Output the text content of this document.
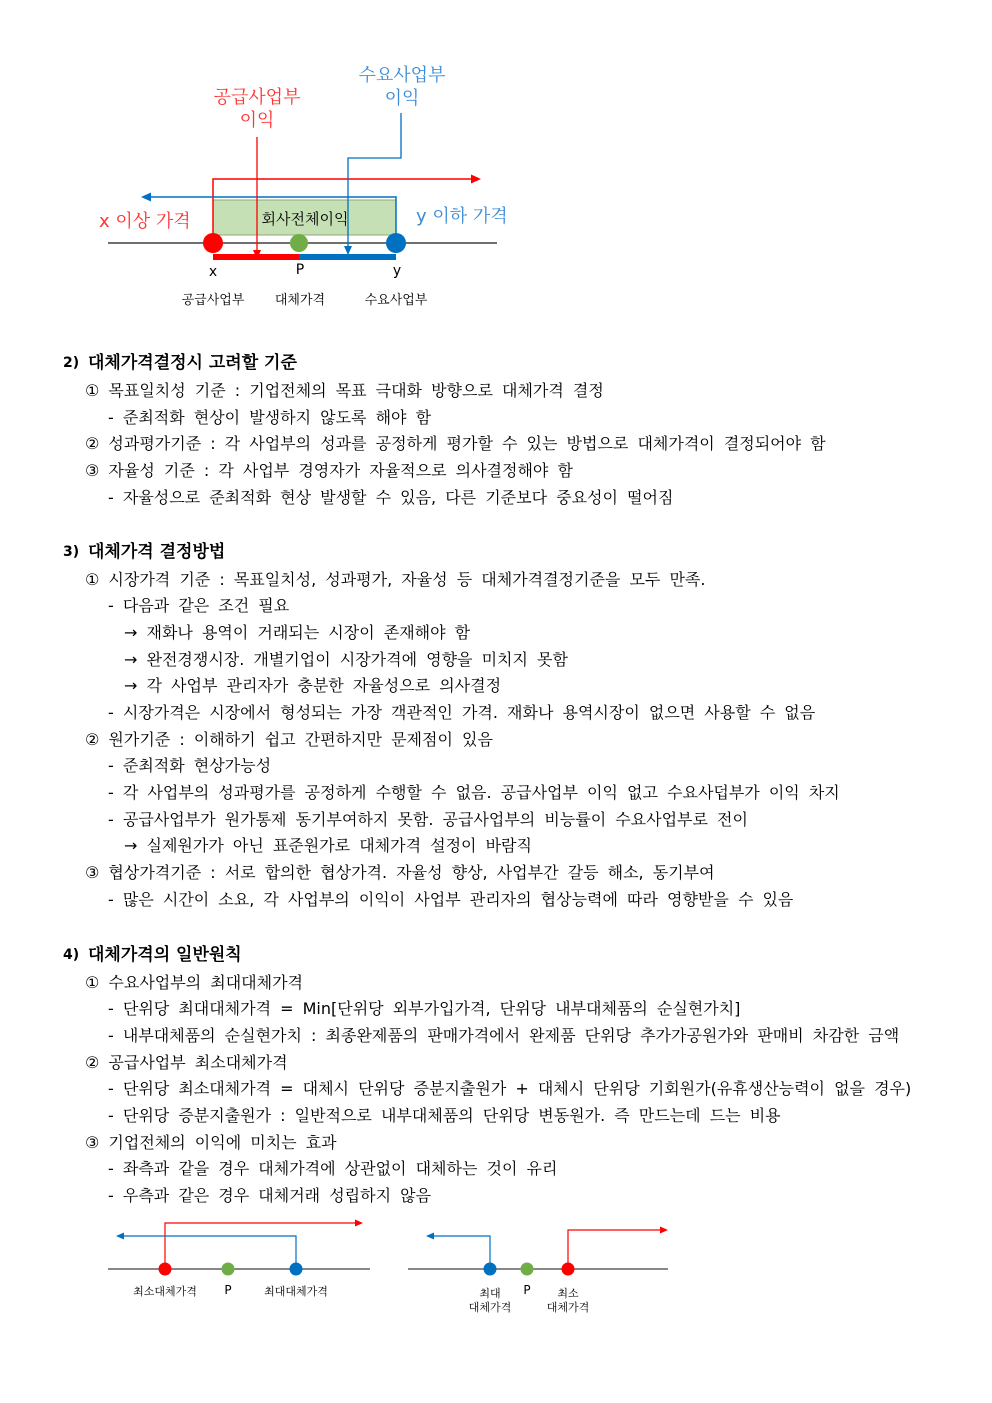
수요사업부
이익
공급사업부
이익
회사전체이익
x 이상 가격	y 이하 가격
x	P	y
공급사업부 대체가격	수요사업부
2) 대체가격결정시 고려할 기준
① 목표일치성 기준 : 기업전체의 목표 극대화 방향으로 대체가격 결정
- 준최적화 현상이 발생하지 않도록 해야 함
② 성과평가기준 : 각 사업부의 성과를 공정하게 평가할 수 있는 방법으로 대체가격이 결정되어야 함
③ 자율성 기준 : 각 사업부 경영자가 자율적으로 의사결정해야 함
- 자율성으로 준최적화 현상 발생할 수 있음, 다른 기준보다 중요성이 떨어짐
3) 대체가격 결정방법
① 시장가격 기준 : 목표일치성, 성과평가, 자율성 등 대체가격결정기준을 모두 만족.
- 다음과 같은 조건 필요
→ 재화나 용역이 거래되는 시장이 존재해야 함
→ 완전경쟁시장. 개별기업이 시장가격에 영향을 미치지 못함
→ 각 사업부 관리자가 충분한 자율성으로 의사결정
- 시장가격은 시장에서 형성되는 가장 객관적인 가격. 재화나 용역시장이 없으면 사용할 수 없음
② 원가기준 : 이해하기 쉽고 간편하지만 문제점이 있음
- 준최적화 현상가능성
- 각 사업부의 성과평가를 공정하게 수행할 수 없음. 공급사업부 이익 없고 수요사덥부가 이익 차지
- 공급사업부가 원가통제 동기부여하지 못함. 공급사업부의 비능률이 수요사업부로 전이
→ 실제원가가 아닌 표준원가로 대체가격 설정이 바람직
③ 협상가격기준 : 서로 합의한 협상가격. 자율성 향상, 사업부간 갈등 해소, 동기부여
- 많은 시간이 소요, 각 사업부의 이익이 사업부 관리자의 협상능력에 따라 영향받을 수 있음
4) 대체가격의 일반원칙
① 수요사업부의 최대대체가격
- 단위당 최대대체가격 = Min[단위당 외부가입가격, 단위당 내부대체품의 순실현가치]
- 내부대체품의 순실현가치 : 최종완제품의 판매가격에서 완제품 단위당 추가가공원가와 판매비 차감한 금액
② 공급사업부 최소대체가격
- 단위당 최소대체가격 = 대체시 단위당 증분지출원가 + 대체시 단위당 기회원가(유휴생산능력이 없을 경우)
- 단위당 증분지출원가 : 일반적으로 내부대체품의 단위당 변동원가. 즉 만드는데 드는 비용
③ 기업전체의 이익에 미치는 효과
- 좌측과 같을 경우 대체가격에 상관없이 대체하는 것이 유리
- 우측과 같은 경우 대체거래 성립하지 않음
최소대체가격 P	최대대체가격	최대
대체가격
P 최소
대체가격
